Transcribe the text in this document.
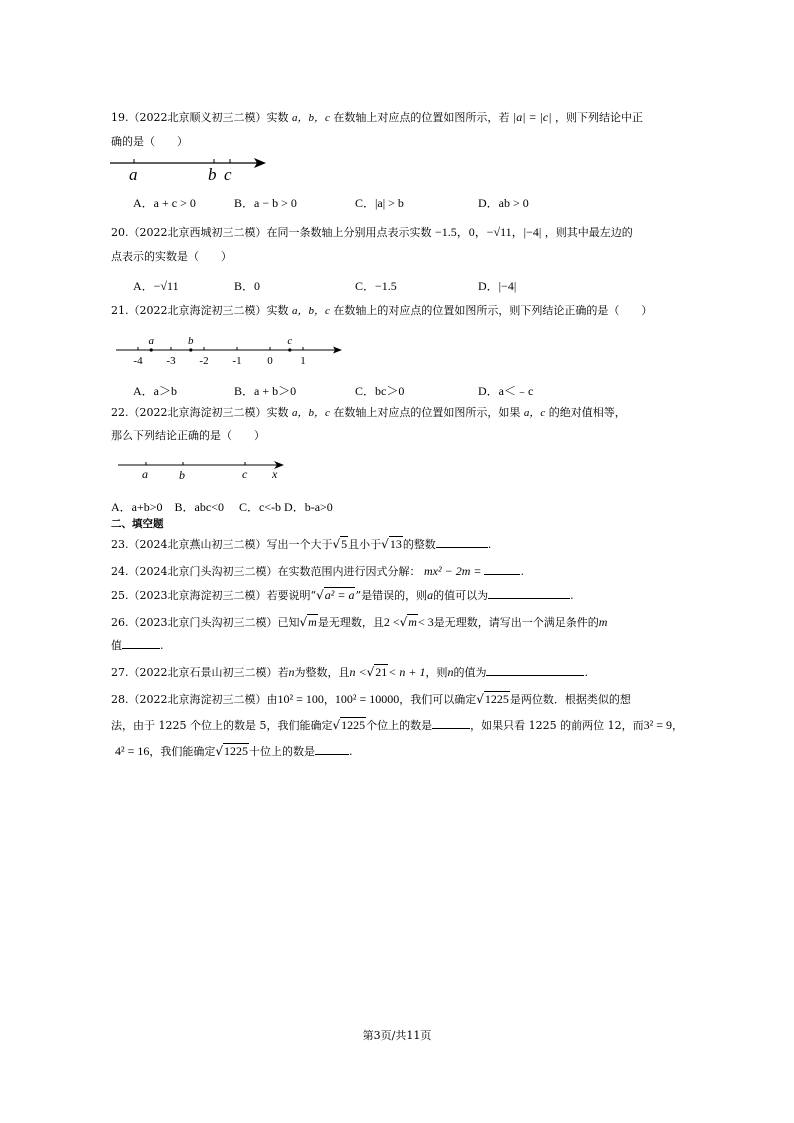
19.（2022北京顺义初三二模）实数 a，b，c 在数轴上对应点的位置如图所示，若 |a| = |c| ，则下列结论中正
确的是（　　）
a	b c
A．a + c > 0	B．a − b > 0	C．|a| > b	D．ab > 0
20.（2022北京西城初三二模）在同一条数轴上分别用点表示实数 −1.5，0，−√11，|−4| ，则其中最左边的
点表示的实数是（　　）
A．−√11	B．0	C．−1.5	D．|−4|
21.（2022北京海淀初三二模）实数 a，b，c 在数轴上的对应点的位置如图所示，则下列结论正确的是（　　）
-4 -3 -2 -1 0	1
a	b	c
A．a＞b	B．a + b＞0	C．bc＞0	D．a＜﹣c
22.（2022北京海淀初三二模）实数 a，b，c 在数轴上对应点的位置如图所示，如果 a，c 的绝对值相等，
那么下列结论正确的是（　　）
a	b	c x
A．a+b>0　B．abc<0　 C．c<-b D．b-a>0
二、填空题
23.（2024北京燕山初三二模）写出一个大于√5且小于√13的整数	.
24.（2024北京门头沟初三二模）在实数范围内进行因式分解： mx² − 2m =	.
25.（2023北京海淀初三二模）若要说明“√a² = a”是错误的，则a的值可以为	.
26.（2023北京门头沟初三二模）已知√m是无理数，且2 <√m< 3是无理数，请写出一个满足条件的m
值	.
27.（2022北京石景山初三二模）若n为整数，且n <√21< n + 1，则n的值为	.
28.（2022北京海淀初三二模）由10² = 100，100² = 10000，我们可以确定√1225是两位数．根据类似的想
法，由于 1225 个位上的数是 5，我们能确定√1225个位上的数是	，如果只看 1225 的前两位 12，而3² = 9，
4² = 16，我们能确定√1225十位上的数是	.
第3页/共11页
